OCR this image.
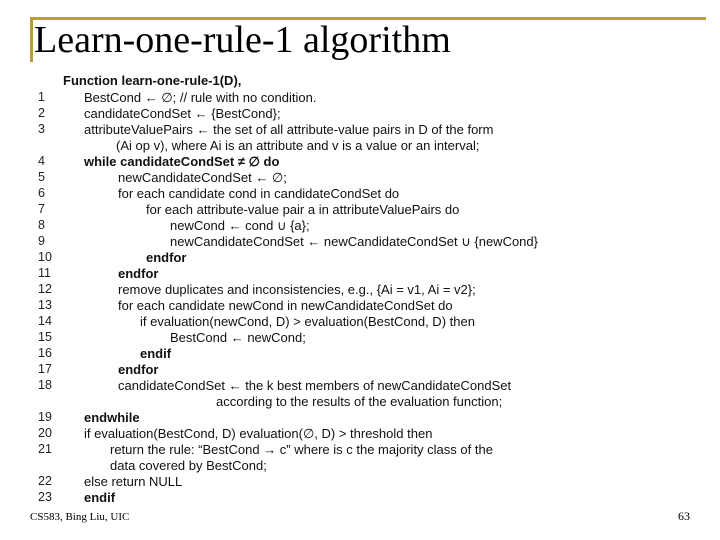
Learn-one-rule-1 algorithm
Function learn-one-rule-1(D),
1	BestCond ← ∅; // rule with no condition.
2	candidateCondSet ← {BestCond};
3	attributeValuePairs ← the set of all attribute-value pairs in D of the form
(Ai op v), where Ai is an attribute and v is a value or an interval;
4	while candidateCondSet ≠ ∅ do
5	newCandidateCondSet ← ∅;
6	for each candidate cond in candidateCondSet do
7	for each attribute-value pair a in attributeValuePairs do
8	newCond ← cond ∪ {a};
9	newCandidateCondSet ← newCandidateCondSet ∪ {newCond}
10	endfor
11	endfor
12	remove duplicates and inconsistencies, e.g., {Ai = v1, Ai = v2};
13	for each candidate newCond in newCandidateCondSet do
14	if evaluation(newCond, D) > evaluation(BestCond, D) then
15	BestCond ← newCond;
16	endif
17	endfor
18	candidateCondSet ← the k best members of newCandidateCondSet
according to the results of the evaluation function;
19	endwhile
20	if evaluation(BestCond, D) evaluation(∅, D) > threshold then
21	return the rule: “BestCond → c” where is c the majority class of the
data covered by BestCond;
22	else return NULL
23	endif
CS583, Bing Liu, UIC	63
